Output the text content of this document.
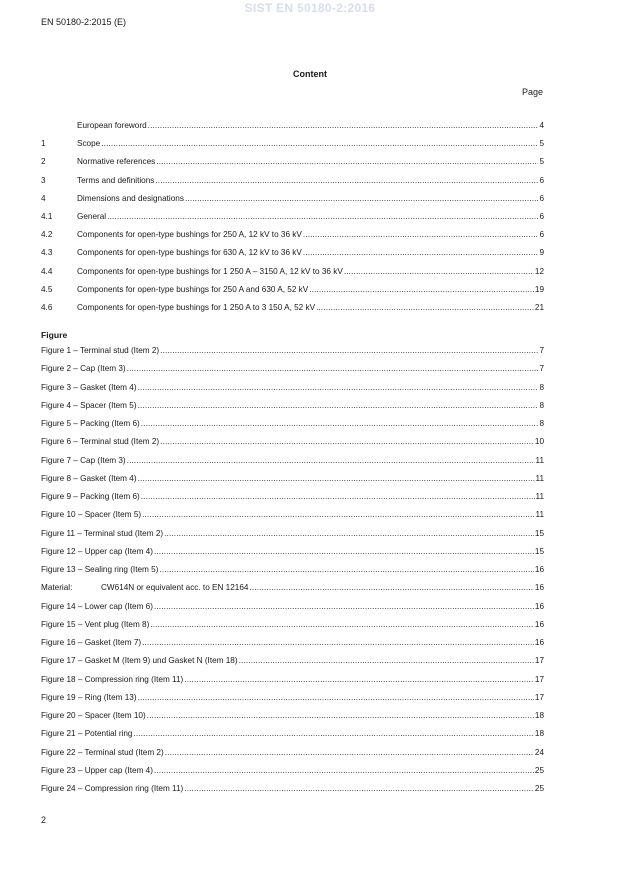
SIST EN 50180-2:2016
EN 50180-2:2015 (E)
Content
Page
European foreword .....	4
1	Scope .....	5
2	Normative references .....	5
3	Terms and definitions .....	6
4	Dimensions and designations .....	6
4.1	General .....	6
4.2	Components for open-type bushings for 250 A, 12 kV to 36 kV .....	6
4.3	Components for open-type bushings for 630 A, 12 kV to 36 kV .....	9
4.4	Components for open-type bushings for 1 250 A – 3150 A, 12 kV to 36 kV .....	12
4.5	Components for open-type bushings for 250 A and 630 A, 52 kV .....	19
4.6	Components for open-type bushings for 1 250 A to 3 150 A, 52 kV .....	21
Figure
Figure 1 – Terminal stud (Item 2) .....	7
Figure 2 – Cap (Item 3) .....	7
Figure 3 – Gasket (Item 4) .....	8
Figure 4 – Spacer (Item 5) .....	8
Figure 5 – Packing (Item 6) .....	8
Figure 6 – Terminal stud (Item 2) .....	10
Figure 7 – Cap (Item 3) .....	11
Figure 8 – Gasket (Item 4) .....	11
Figure 9 – Packing (Item 6) .....	11
Figure 10 – Spacer (Item 5) .....	11
Figure 11 – Terminal stud (Item 2) .....	15
Figure 12 – Upper cap (Item 4) .....	15
Figure 13 – Sealing ring (Item 5) .....	16
Material:	CW614N or equivalent acc. to EN 12164 .....	16
Figure 14 – Lower cap (Item 6) .....	16
Figure 15 – Vent plug (Item 8) .....	16
Figure 16 – Gasket (Item 7) .....	16
Figure 17 – Gasket M (Item 9) und Gasket N (Item 18) .....	17
Figure 18 – Compression ring (Item 11) .....	17
Figure 19 – Ring (Item 13) .....	17
Figure 20 – Spacer (Item 10) .....	18
Figure 21 – Potential ring .....	18
Figure 22 – Terminal stud (Item 2) .....	24
Figure 23 – Upper cap (Item 4) .....	25
Figure 24 – Compression ring (Item 11) .....	25
2
